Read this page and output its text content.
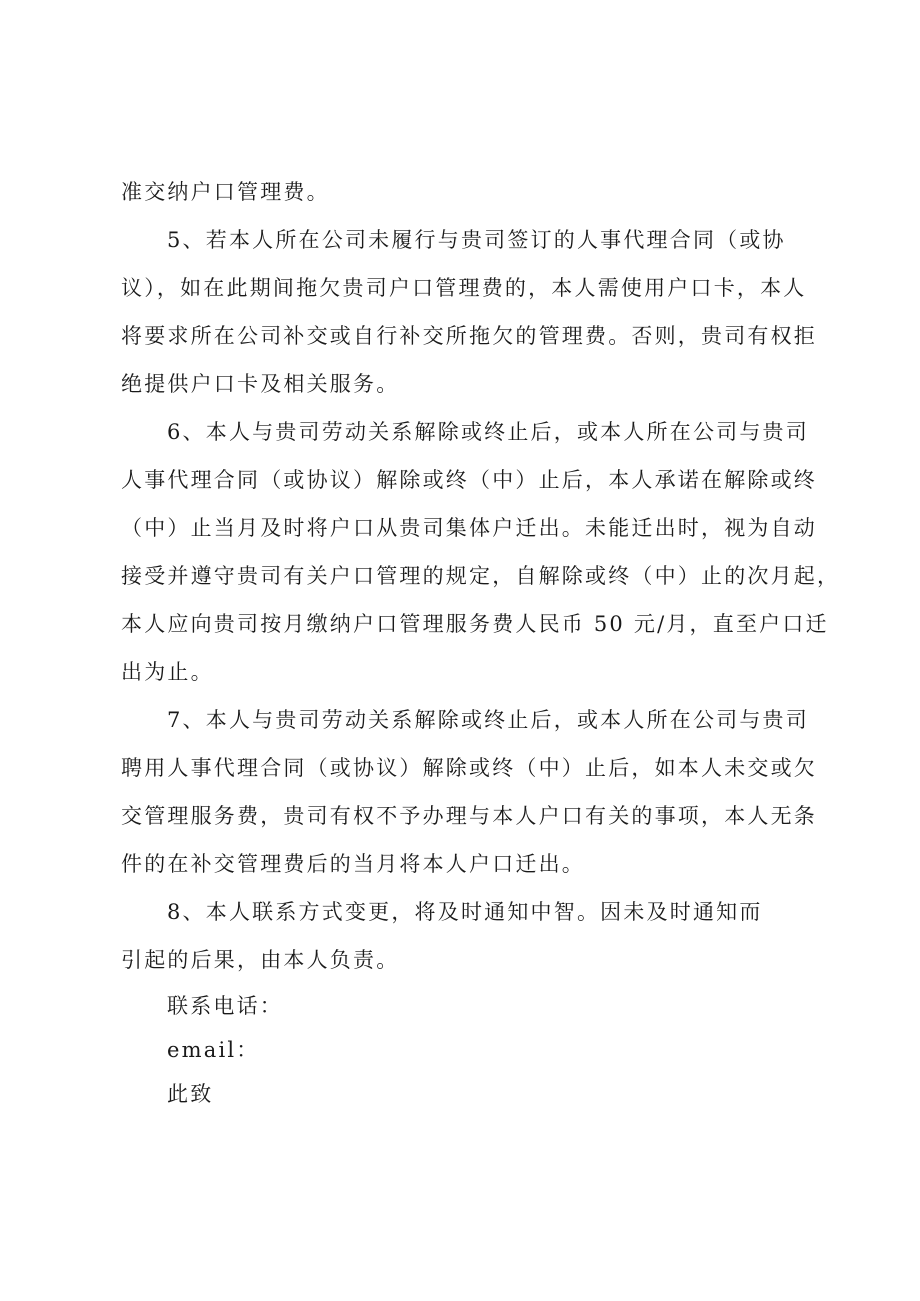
准交纳户口管理费。
5、若本人所在公司未履行与贵司签订的人事代理合同（或协
议），如在此期间拖欠贵司户口管理费的，本人需使用户口卡，本人
将要求所在公司补交或自行补交所拖欠的管理费。否则，贵司有权拒
绝提供户口卡及相关服务。
6、本人与贵司劳动关系解除或终止后，或本人所在公司与贵司
人事代理合同（或协议）解除或终（中）止后，本人承诺在解除或终
（中）止当月及时将户口从贵司集体户迁出。未能迁出时，视为自动
接受并遵守贵司有关户口管理的规定，自解除或终（中）止的次月起，
本人应向贵司按月缴纳户口管理服务费人民币 50 元/月，直至户口迁
出为止。
7、本人与贵司劳动关系解除或终止后，或本人所在公司与贵司
聘用人事代理合同（或协议）解除或终（中）止后，如本人未交或欠
交管理服务费，贵司有权不予办理与本人户口有关的事项，本人无条
件的在补交管理费后的当月将本人户口迁出。
8、本人联系方式变更，将及时通知中智。因未及时通知而
引起的后果，由本人负责。
联系电话：
email：
此致
